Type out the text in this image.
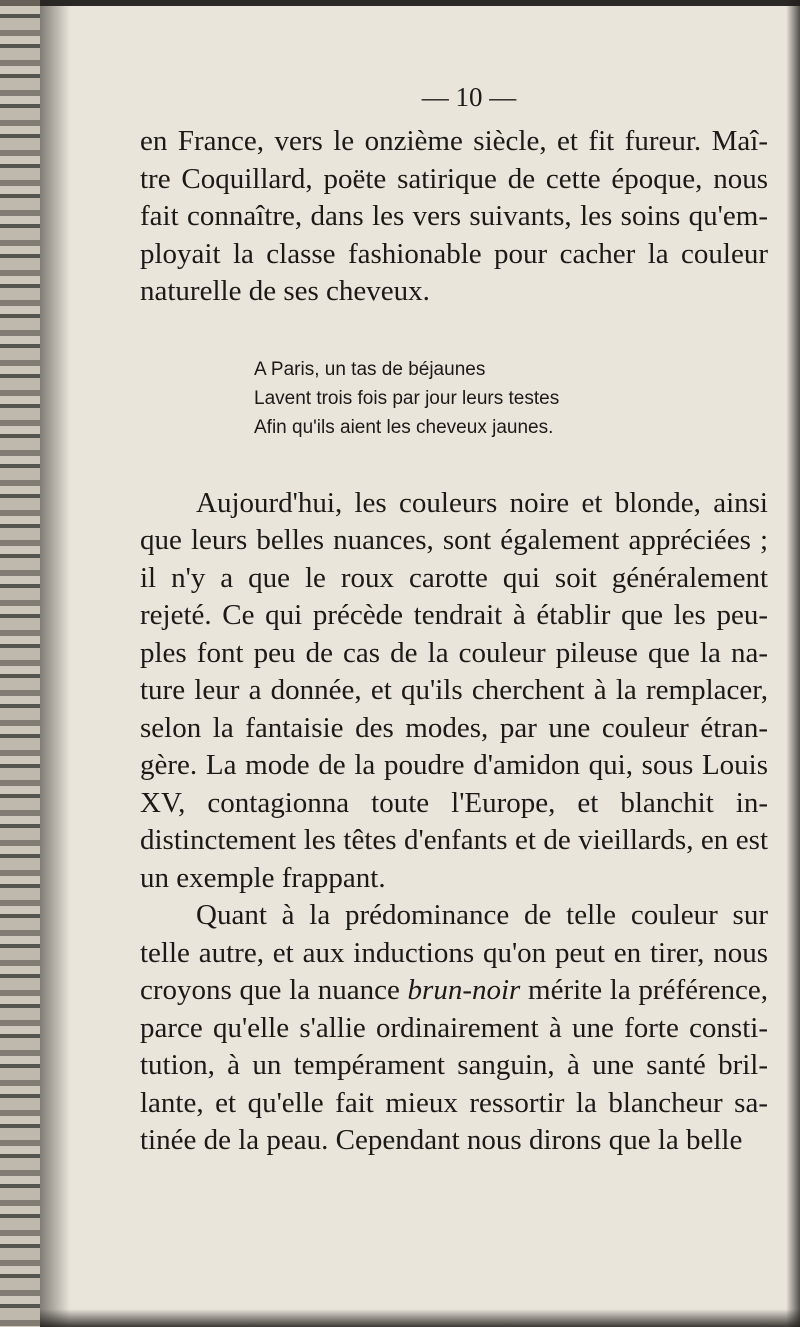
— 10 —

en France, vers le onzième siècle, et fit fureur. Maî- tre Coquillard, poëte satirique de cette époque, nous fait connaître, dans les vers suivants, les soins qu'em- ployait la classe fashionable pour cacher la couleur naturelle de ses cheveux.

A Paris, un tas de béjaunes
Lavent trois fois par jour leurs testes
Afin qu'ils aient les cheveux jaunes.

Aujourd'hui, les couleurs noire et blonde, ainsi que leurs belles nuances, sont également appréciées ; il n'y a que le roux carotte qui soit généralement rejeté. Ce qui précède tendrait à établir que les peu- ples font peu de cas de la couleur pileuse que la na- ture leur a donnée, et qu'ils cherchent à la remplacer, selon la fantaisie des modes, par une couleur étran- gère. La mode de la poudre d'amidon qui, sous Louis XV, contagionna toute l'Europe, et blanchit in- distinctement les têtes d'enfants et de vieillards, en est un exemple frappant.

Quant à la prédominance de telle couleur sur telle autre, et aux inductions qu'on peut en tirer, nous croyons que la nuance brun-noir mérite la préférence, parce qu'elle s'allie ordinairement à une forte consti- tution, à un tempérament sanguin, à une santé bril- lante, et qu'elle fait mieux ressortir la blancheur sa- tinée de la peau. Cependant nous dirons que la belle
